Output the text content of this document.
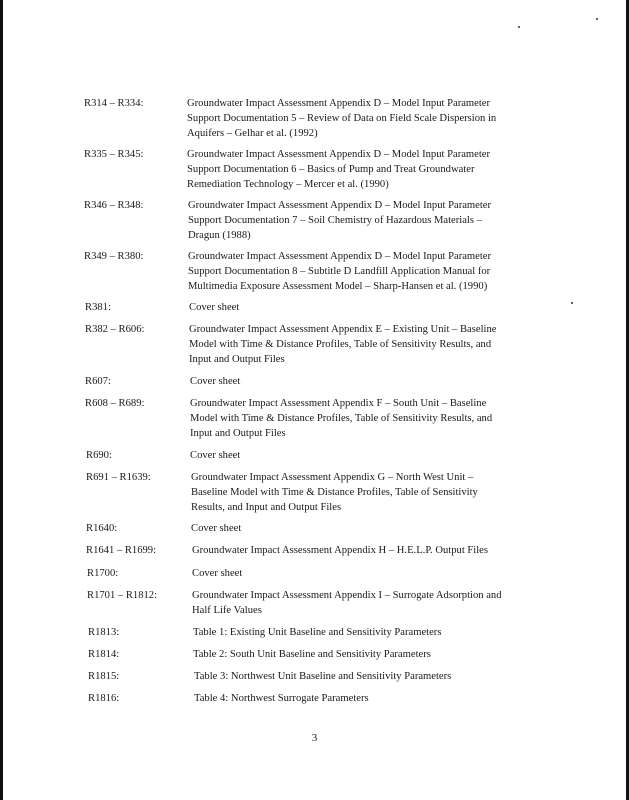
R314 – R334:	Groundwater Impact Assessment Appendix D – Model Input Parameter
Support Documentation 5 – Review of Data on Field Scale Dispersion in
Aquifers – Gelhar et al. (1992)
R335 – R345:	Groundwater Impact Assessment Appendix D – Model Input Parameter
Support Documentation 6 – Basics of Pump and Treat Groundwater
Remediation Technology – Mercer et al. (1990)
R346 – R348:	Groundwater Impact Assessment Appendix D – Model Input Parameter
Support Documentation 7 – Soil Chemistry of Hazardous Materials –
Dragun (1988)
R349 – R380:	Groundwater Impact Assessment Appendix D – Model Input Parameter
Support Documentation 8 – Subtitle D Landfill Application Manual for
Multimedia Exposure Assessment Model – Sharp-Hansen et al. (1990)
R381:	Cover sheet
R382 – R606:	Groundwater Impact Assessment Appendix E – Existing Unit – Baseline
Model with Time & Distance Profiles, Table of Sensitivity Results, and
Input and Output Files
R607:	Cover sheet
R608 – R689:	Groundwater Impact Assessment Appendix F – South Unit – Baseline
Model with Time & Distance Profiles, Table of Sensitivity Results, and
Input and Output Files
R690:	Cover sheet
R691 – R1639:	Groundwater Impact Assessment Appendix G – North West Unit –
Baseline Model with Time & Distance Profiles, Table of Sensitivity
Results, and Input and Output Files
R1640:	Cover sheet
R1641 – R1699:	Groundwater Impact Assessment Appendix H – H.E.L.P. Output Files
R1700:	Cover sheet
R1701 – R1812:	Groundwater Impact Assessment Appendix I – Surrogate Adsorption and
Half Life Values
R1813:	Table 1: Existing Unit Baseline and Sensitivity Parameters
R1814:	Table 2: South Unit Baseline and Sensitivity Parameters
R1815:	Table 3: Northwest Unit Baseline and Sensitivity Parameters
R1816:	Table 4: Northwest Surrogate Parameters
3
